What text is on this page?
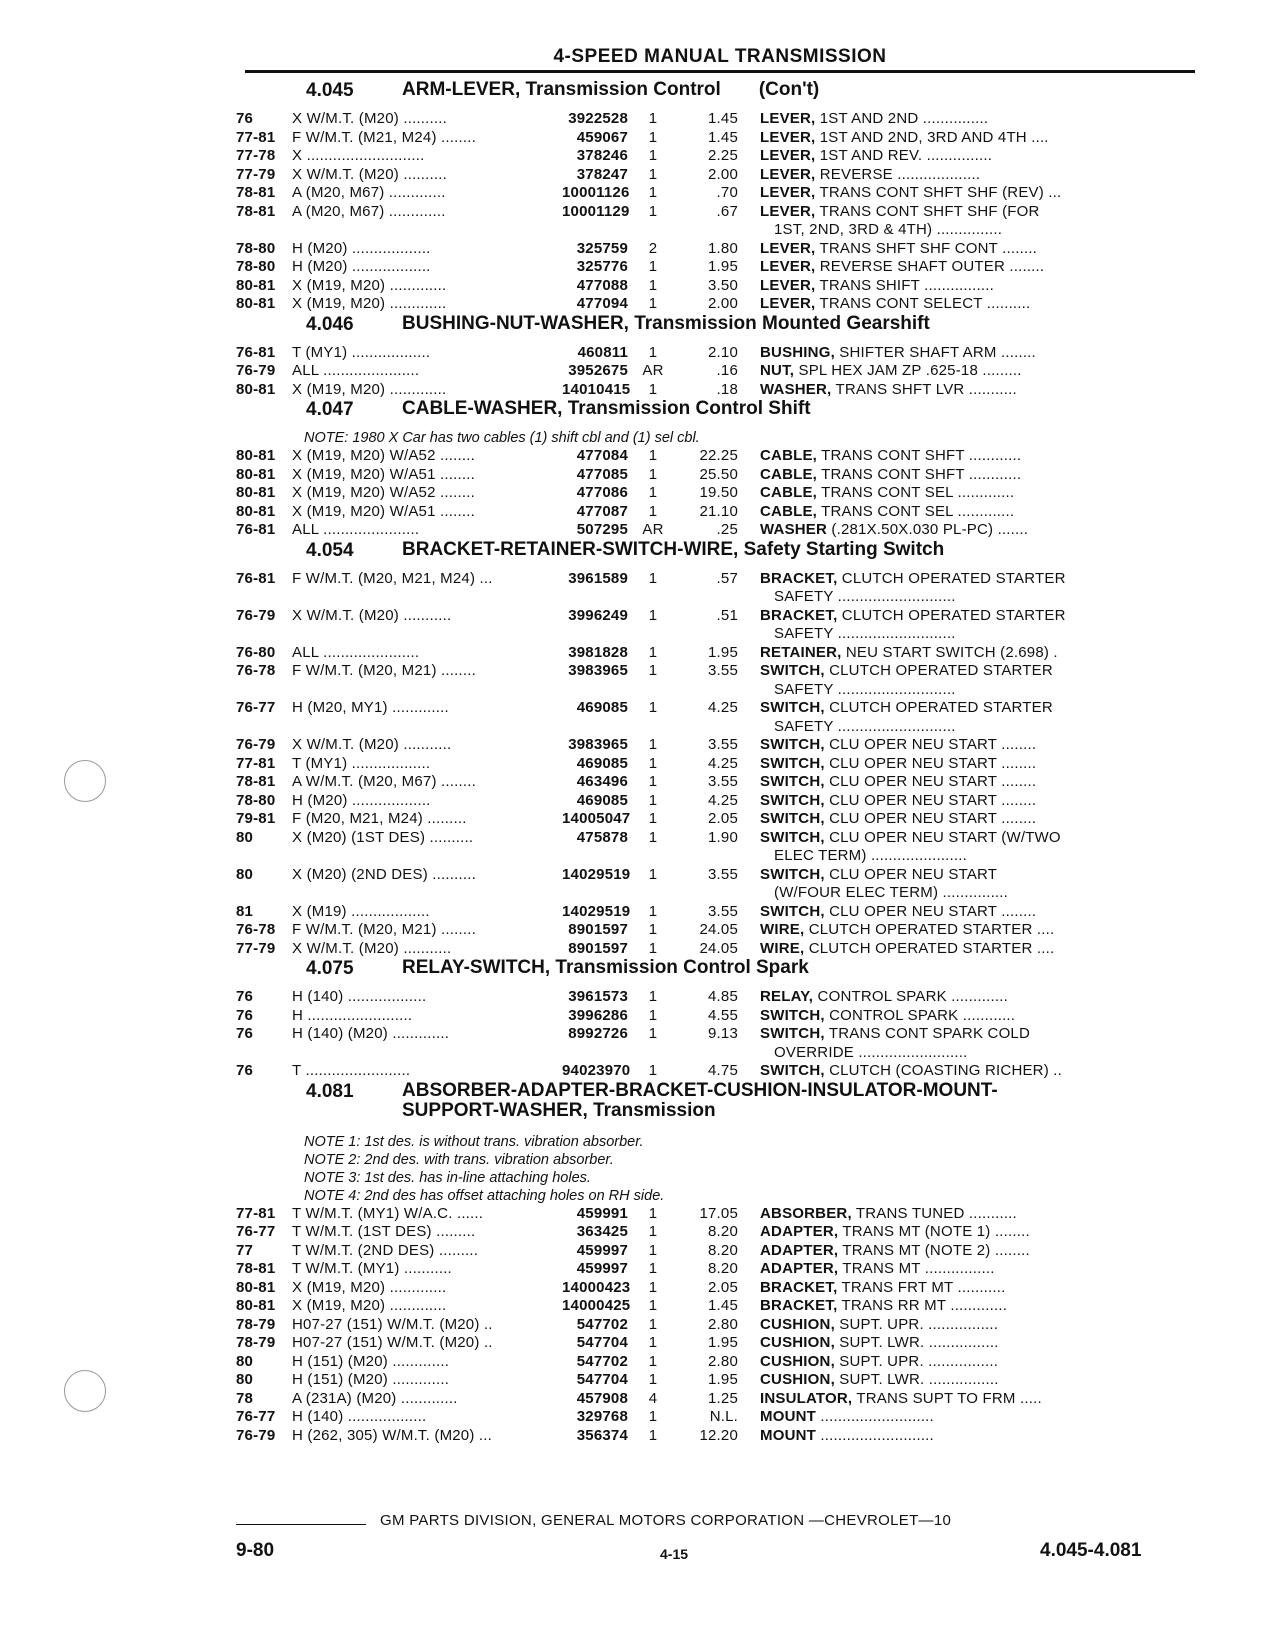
4-SPEED MANUAL TRANSMISSION
4.045	ARM-LEVER, Transmission Control (Con't)
76	X W/M.T. (M20) ..........	3922528	1	1.45	LEVER, 1ST AND 2ND ...............
77-81	F W/M.T. (M21, M24) ........	459067	1	1.45	LEVER, 1ST AND 2ND, 3RD AND 4TH ....
77-78	X ...........................	378246	1	2.25	LEVER, 1ST AND REV. ...............
77-79	X W/M.T. (M20) ..........	378247	1	2.00	LEVER, REVERSE ...................
78-81	A (M20, M67) .............	10001126	1	.70	LEVER, TRANS CONT SHFT SHF (REV) ...
78-81	A (M20, M67) .............	10001129	1	.67	LEVER, TRANS CONT SHFT SHF (FOR
1ST, 2ND, 3RD & 4TH) ...............
78-80	H (M20) ..................	325759	2	1.80	LEVER, TRANS SHFT SHF CONT ........
78-80	H (M20) ..................	325776	1	1.95	LEVER, REVERSE SHAFT OUTER ........
80-81	X (M19, M20) .............	477088	1	3.50	LEVER, TRANS SHIFT ................
80-81	X (M19, M20) .............	477094	1	2.00	LEVER, TRANS CONT SELECT ..........
4.046	BUSHING-NUT-WASHER, Transmission Mounted Gearshift
76-81	T (MY1) ..................	460811	1	2.10	BUSHING, SHIFTER SHAFT ARM ........
76-79	ALL ......................	3952675 AR	.16	NUT, SPL HEX JAM ZP .625-18 .........
80-81	X (M19, M20) .............	14010415	1	.18	WASHER, TRANS SHFT LVR ...........
4.047	CABLE-WASHER, Transmission Control Shift
NOTE: 1980 X Car has two cables (1) shift cbl and (1) sel cbl.
80-81	X (M19, M20) W/A52 ........	477084	1	22.25	CABLE, TRANS CONT SHFT ............
80-81	X (M19, M20) W/A51 ........	477085	1	25.50	CABLE, TRANS CONT SHFT ............
80-81	X (M19, M20) W/A52 ........	477086	1	19.50	CABLE, TRANS CONT SEL .............
80-81	X (M19, M20) W/A51 ........	477087	1	21.10	CABLE, TRANS CONT SEL .............
76-81	ALL ......................	507295 AR	.25	WASHER (.281X.50X.030 PL-PC) .......
4.054	BRACKET-RETAINER-SWITCH-WIRE, Safety Starting Switch
76-81	F W/M.T. (M20, M21, M24) ...	3961589	1	.57	BRACKET, CLUTCH OPERATED STARTER
SAFETY ...........................
76-79	X W/M.T. (M20) ...........	3996249	1	.51	BRACKET, CLUTCH OPERATED STARTER
SAFETY ...........................
76-80	ALL ......................	3981828	1	1.95	RETAINER, NEU START SWITCH (2.698) .
76-78	F W/M.T. (M20, M21) ........	3983965	1	3.55	SWITCH, CLUTCH OPERATED STARTER
SAFETY ...........................
76-77	H (M20, MY1) .............	469085	1	4.25	SWITCH, CLUTCH OPERATED STARTER
SAFETY ...........................
76-79	X W/M.T. (M20) ...........	3983965	1	3.55	SWITCH, CLU OPER NEU START ........
77-81	T (MY1) ..................	469085	1	4.25	SWITCH, CLU OPER NEU START ........
78-81	A W/M.T. (M20, M67) ........	463496	1	3.55	SWITCH, CLU OPER NEU START ........
78-80	H (M20) ..................	469085	1	4.25	SWITCH, CLU OPER NEU START ........
79-81	F (M20, M21, M24) .........	14005047	1	2.05	SWITCH, CLU OPER NEU START ........
80	X (M20) (1ST DES) ..........	475878	1	1.90	SWITCH, CLU OPER NEU START (W/TWO
ELEC TERM) ......................
80	X (M20) (2ND DES) ..........	14029519	1	3.55	SWITCH, CLU OPER NEU START
(W/FOUR ELEC TERM) ...............
81	X (M19) ..................	14029519	1	3.55	SWITCH, CLU OPER NEU START ........
76-78	F W/M.T. (M20, M21) ........	8901597	1	24.05	WIRE, CLUTCH OPERATED STARTER ....
77-79	X W/M.T. (M20) ...........	8901597	1	24.05	WIRE, CLUTCH OPERATED STARTER ....
4.075	RELAY-SWITCH, Transmission Control Spark
76	H (140) ..................	3961573	1	4.85	RELAY, CONTROL SPARK .............
76	H ........................	3996286	1	4.55	SWITCH, CONTROL SPARK ............
76	H (140) (M20) .............	8992726	1	9.13	SWITCH, TRANS CONT SPARK COLD
OVERRIDE .........................
76	T ........................	94023970	1	4.75	SWITCH, CLUTCH (COASTING RICHER) ..
4.081	ABSORBER-ADAPTER-BRACKET-CUSHION-INSULATOR-MOUNT-
SUPPORT-WASHER, Transmission
NOTE 1: 1st des. is without trans. vibration absorber.
NOTE 2: 2nd des. with trans. vibration absorber.
NOTE 3: 1st des. has in-line attaching holes.
NOTE 4: 2nd des has offset attaching holes on RH side.
77-81	T W/M.T. (MY1) W/A.C. ......	459991	1	17.05	ABSORBER, TRANS TUNED ...........
76-77	T W/M.T. (1ST DES) .........	363425	1	8.20	ADAPTER, TRANS MT (NOTE 1) ........
77	T W/M.T. (2ND DES) .........	459997	1	8.20	ADAPTER, TRANS MT (NOTE 2) ........
78-81	T W/M.T. (MY1) ...........	459997	1	8.20	ADAPTER, TRANS MT ................
80-81	X (M19, M20) .............	14000423	1	2.05	BRACKET, TRANS FRT MT ...........
80-81	X (M19, M20) .............	14000425	1	1.45	BRACKET, TRANS RR MT .............
78-79	H07-27 (151) W/M.T. (M20) ..	547702	1	2.80	CUSHION, SUPT. UPR. ................
78-79	H07-27 (151) W/M.T. (M20) ..	547704	1	1.95	CUSHION, SUPT. LWR. ................
80	H (151) (M20) .............	547702	1	2.80	CUSHION, SUPT. UPR. ................
80	H (151) (M20) .............	547704	1	1.95	CUSHION, SUPT. LWR. ................
78	A (231A) (M20) .............	457908	4	1.25	INSULATOR, TRANS SUPT TO FRM .....
76-77	H (140) ..................	329768	1	N.L.	MOUNT ..........................
76-79	H (262, 305) W/M.T. (M20) ...	356374	1	12.20	MOUNT ..........................
GM PARTS DIVISION, GENERAL MOTORS CORPORATION —CHEVROLET—10
9-80	4-15	4.045-4.081
